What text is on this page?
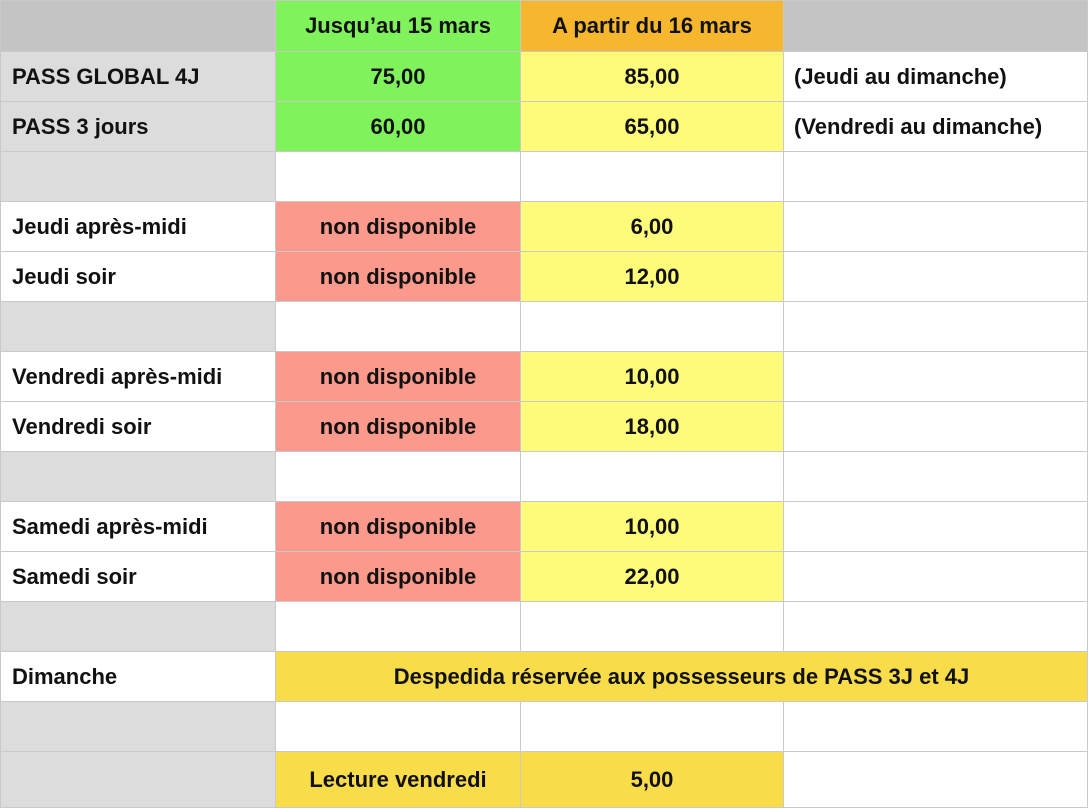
	Jusqu’au 15 mars	A partir du 16 mars	
PASS GLOBAL 4J	75,00	85,00	(Jeudi au dimanche)
PASS 3 jours	60,00	65,00	(Vendredi au dimanche)

Jeudi après-midi	non disponible	6,00	
Jeudi soir	non disponible	12,00	

Vendredi après-midi	non disponible	10,00	
Vendredi soir	non disponible	18,00	

Samedi après-midi	non disponible	10,00	
Samedi soir	non disponible	22,00	

Dimanche	Despedida réservée aux possesseurs de PASS 3J et 4J		

	Lecture vendredi	5,00	
